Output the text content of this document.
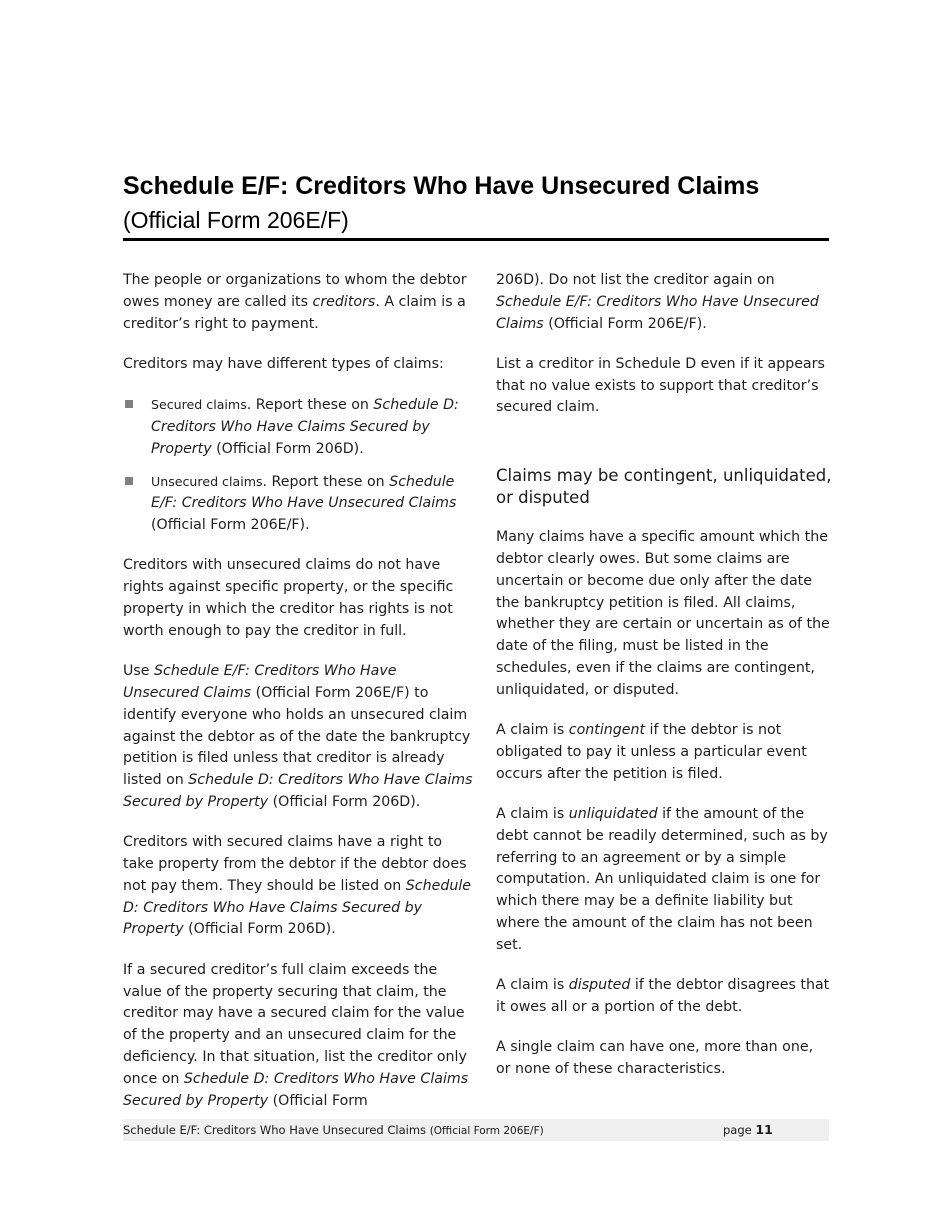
Schedule E/F: Creditors Who Have Unsecured Claims (Official Form 206E/F)

The people or organizations to whom the debtor owes money are called its creditors. A claim is a creditor’s right to payment.

Creditors may have different types of claims:

Secured claims. Report these on Schedule D: Creditors Who Have Claims Secured by Property (Official Form 206D).
Unsecured claims. Report these on Schedule E/F: Creditors Who Have Unsecured Claims (Official Form 206E/F).

Creditors with unsecured claims do not have rights against specific property, or the specific property in which the creditor has rights is not worth enough to pay the creditor in full.

Use Schedule E/F: Creditors Who Have Unsecured Claims (Official Form 206E/F) to identify everyone who holds an unsecured claim against the debtor as of the date the bankruptcy petition is filed unless that creditor is already listed on Schedule D: Creditors Who Have Claims Secured by Property (Official Form 206D).

Creditors with secured claims have a right to take property from the debtor if the debtor does not pay them. They should be listed on Schedule D: Creditors Who Have Claims Secured by Property (Official Form 206D).

If a secured creditor’s full claim exceeds the value of the property securing that claim, the creditor may have a secured claim for the value of the property and an unsecured claim for the deficiency. In that situation, list the creditor only once on Schedule D: Creditors Who Have Claims Secured by Property (Official Form

206D). Do not list the creditor again on Schedule E/F: Creditors Who Have Unsecured Claims (Official Form 206E/F).

List a creditor in Schedule D even if it appears that no value exists to support that creditor’s secured claim.

Claims may be contingent, unliquidated, or disputed

Many claims have a specific amount which the debtor clearly owes. But some claims are uncertain or become due only after the date the bankruptcy petition is filed. All claims, whether they are certain or uncertain as of the date of the filing, must be listed in the schedules, even if the claims are contingent, unliquidated, or disputed.

A claim is contingent if the debtor is not obligated to pay it unless a particular event occurs after the petition is filed.

A claim is unliquidated if the amount of the debt cannot be readily determined, such as by referring to an agreement or by a simple computation. An unliquidated claim is one for which there may be a definite liability but where the amount of the claim has not been set.

A claim is disputed if the debtor disagrees that it owes all or a portion of the debt.

A single claim can have one, more than one, or none of these characteristics.

Schedule E/F: Creditors Who Have Unsecured Claims (Official Form 206E/F)	page 11
